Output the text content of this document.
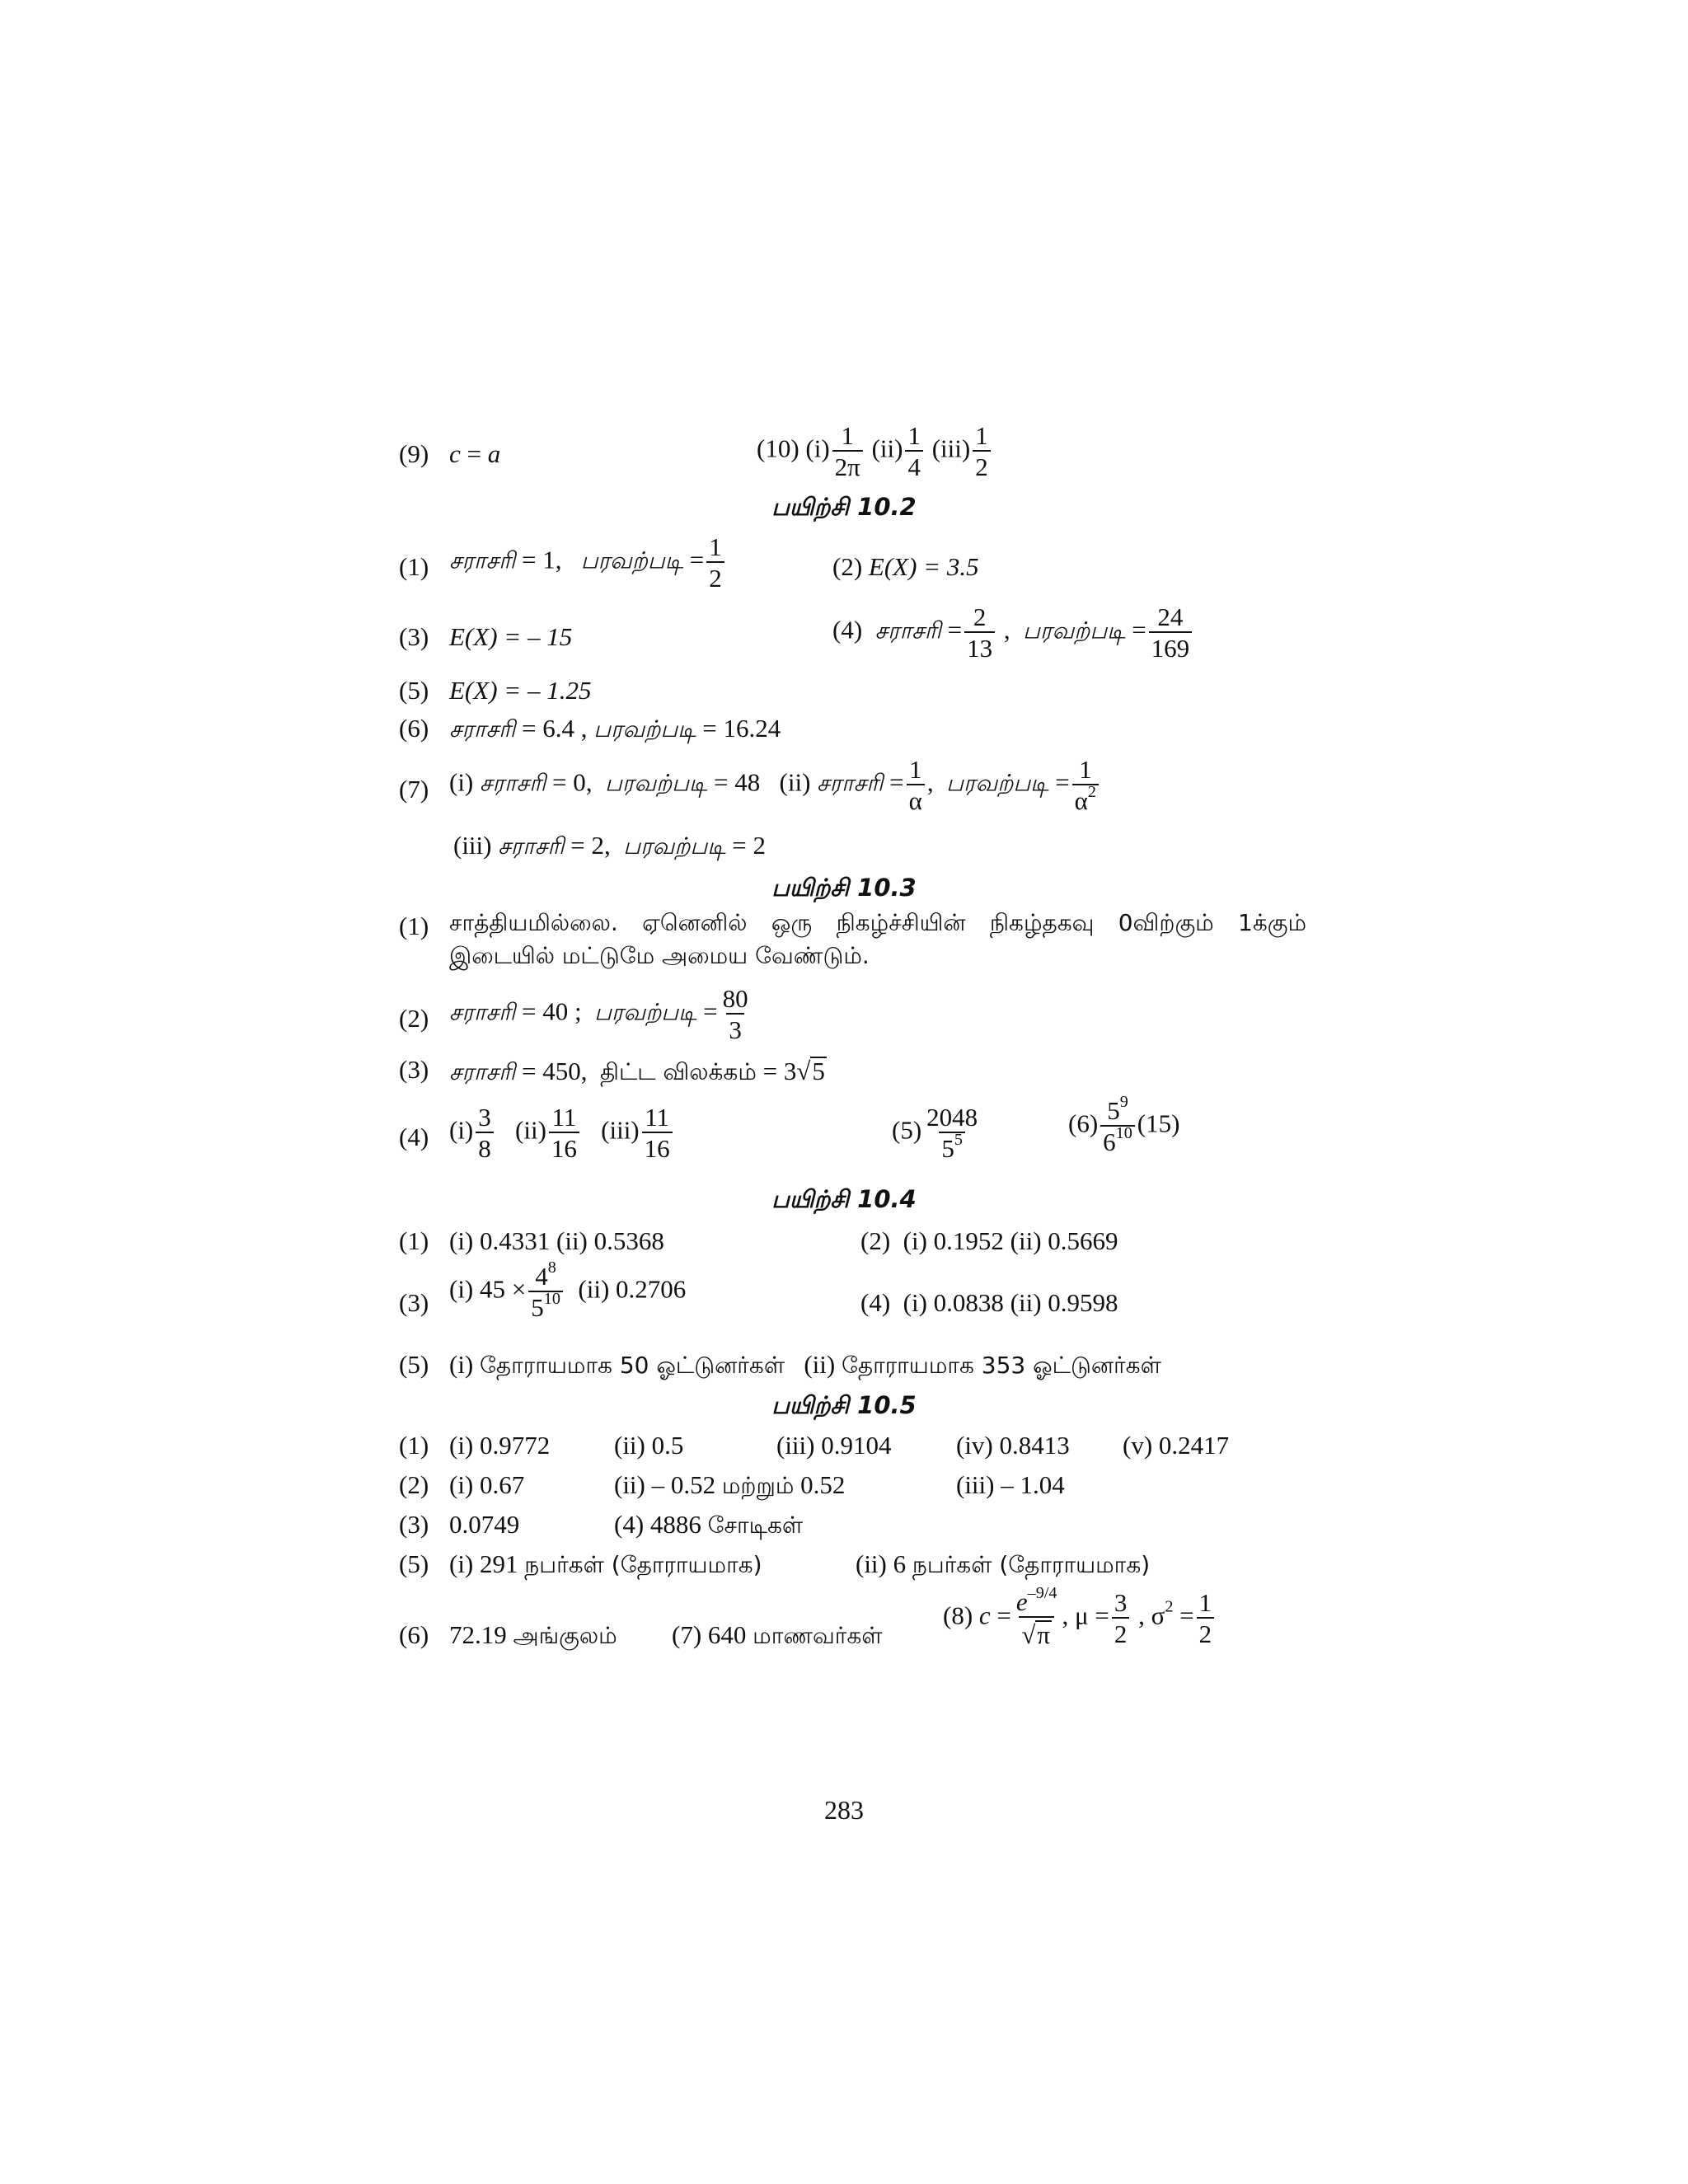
(9) c = a	(10) $(i) \frac{1}{2\pi} (ii) \frac{1}{4} (iii) \frac{1}{2}$
பயிற்சி 10.2
(1) சராசரி = 1, பரவற்படி = $\frac{1}{2}$	(2) E(X) = 3.5
(3) E(X) = – 15	(4) சராசரி = $\frac{2}{13}$ , பரவற்படி = $\frac{24}{169}$
(5) E(X) = – 1.25
(6) சராசரி = 6.4 , பரவற்படி = 16.24
(7) (i) சராசரி = 0, பரவற்படி = 48 (ii) சராசரி = $\frac{1}{\alpha}$ , பரவற்படி = $\frac{1}{\alpha^2}$
(iii) சராசரி = 2, பரவற்படி = 2
பயிற்சி 10.3
(1) சாத்தியமில்லை. ஏனெனில் ஒரு நிகழ்ச்சியின் நிகழ்தகவு 0விற்கும் 1க்கும் இடையில் மட்டுமே அமைய வேண்டும்.
(2) சராசரி = 40 ; பரவற்படி = $\frac{80}{3}$
(3) சராசரி = 450, திட்ட விலக்கம் = 3√5
(4) $(i) \frac{3}{8} (ii) \frac{11}{16} (iii) \frac{11}{16}$	$(5) \frac{2048}{5^5}$	$(6) \frac{5^9}{6^{10}} (15)$
பயிற்சி 10.4
(1) (i) 0.4331 (ii) 0.5368	(2) (i) 0.1952 (ii) 0.5669
(3) (i) $45 \times \frac{4^8}{5^{10}} (ii)$ 0.2706	(4) (i) 0.0838 (ii) 0.9598
(5) (i) தோராயமாக 50 ஓட்டுனர்கள் (ii) தோராயமாக 353 ஓட்டுனர்கள்
பயிற்சி 10.5
(1) (i) 0.9772	(ii) 0.5	(iii) 0.9104	(iv) 0.8413 (v) 0.2417
(2) (i) 0.67	(ii) – 0.52 மற்றும் 0.52	(iii) – 1.04
(3) 0.0749	(4) 4886 சோடிகள்
(5) (i) 291 நபர்கள் (தோராயமாக)	(ii) 6 நபர்கள் (தோராயமாக)
(6) 72.19 அங்குலம் (7) 640 மாணவர்கள்
(8) $c = \frac{e^{-9/4}}{√\pi}$ , $\mu = \frac{3}{2}$ , $\sigma^2 = \frac{1}{2}$
283
